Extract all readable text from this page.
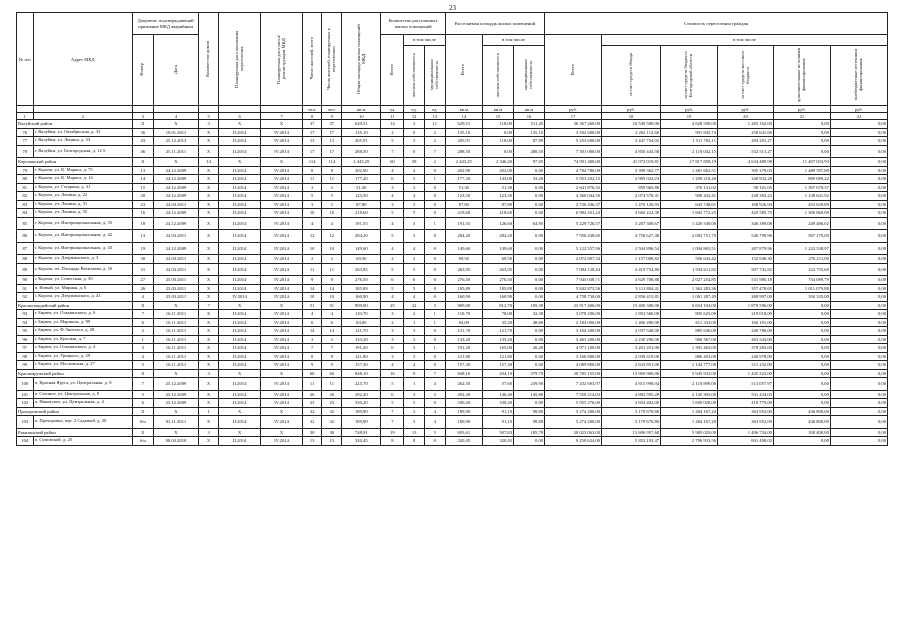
23
№ п/п	Адрес МКД	Документ, подтверждающий признание МКД аварийным		Количество домов	Планируемая дата окончания переселения	Планируемая дата сноса/реконструкции МКД	Число жителей, всего	Число жителей, планируемых к переселению	Общая площадь жилых помещений МКД	Количество расселяемых жилых помещений			Расселяемая площадь жилых помещений			Стоимость переселения граждан					
		Номер	Дата							Всего	в том числе		Всего	в том числе		Всего	в том числе				
											частная собственность	муниципальная собственность		частная собственность	муниципальная собственность		за счет средств Фонда	за счет средств бюджета Белгородской области	за счет средств местного бюджета	дополнительные источники финансирования	внебюджетные источники финансирования
							чел.	чел.	кв.м	ед.	ед.	ед.	кв.м	кв.м	кв.м	руб.	руб.	руб.	руб.	руб.	руб.
1	2	3	4	5	6	7	8	9	10	11	12	13	14	15	16	17	18	19	20	21	22
Валуйский район		X	X	3	X	X	37	37	629,51	14	3	11	629,51	118,00	511,45	36 367 260,00	10 549 580,00	4 628 590,00	1 285 162,00	0,00	0,00
76	г. Валуйки, ул. Октябрьская, д. 33	36	19.01.2011	X	II.2014	IV.2014	17	17	135,10	2	0	2	135,10	0,00	135,10	3 502 600,00	2 262 112,60	991 845,74	258 641,66	0,00	0,00
77	г. Валуйки, ул. Ленина, д. 33	43	25.12.2013	X	II.2014	IV.2014	13	13	205,91	5	3	2	205,91	118,00	87,89	5 253 600,00	3 447 754,02	1 511 702,11	294 201,27	0,00	0,00
78	г. Валуйки, ул. Белгородская, д. 12 б	46	25.11.2011	X	II.2014	IV.2014	17	17	288,50	7	0	7	288,50	0,00	288,50	7 501 000,00	4 850 443,58	2 118 042,15	532 513,27	0,00	0,00
Корочанский район		X	X	14	X	X	114	114	2 443,25	60	58	2	2 443,25	2 346,20	97,05	74 091 400,00	41 072 019,81	17 817 858,19	4 634 489,98	11 407 033,93	0,00
79	г. Короча, ул. К. Маркса, д. 75	13	24.12.2009	X	II.2014	IV.2014	8	8	202,90	4	4	0	202,90	202,90	0,00	4 784 780,00	3 399 362,77	1 481 662,51	395 379,03	1 489 597,80	0,00
80	г. Короча, ул. К. Маркса, д. 14	14	24.12.2009	X	II.2014	IV.2014	11	11	177,20	6	5	1	177,20	143,00	33,20	5 953 202,15	2 969 022,23	1 209 218,40	340 932,28	889 089,22	0,00
81	г. Короча, ул. Гагарина, д. 31	15	24.12.2009	X	II.2014	IV.2014	3	3	51,30	3	3	0	51,30	51,30	0,00	2 641 876,32	859 965,88	376 131,02	98 101,05	1 307 678,37	0,00
82	г. Короча, ул. Ленина, д. 22	20	24.12.2009	X	II.2014	IV.2014	5	5	123,50	4	4	0	123,50	123,50	0,00	4 360 044,50	2 074 578,41	908 432,41	238 383,23	1 138 641,92	0,00
83	г. Короча, ул. Ленина, д. 31	23	24.03.2011	X	II.2014	IV.2014	3	3	87,80	3	3	0	87,80	87,80	0,00	2 736 436,37	1 470 120,93	643 748,61	168 926,94	453 639,89	0,00
84	г. Короча, ул. Ленина, д. 35	16	24.12.2009	X	II.2014	IV.2014	10	10	218,60	5	5	0	218,60	218,60	0,00	6 984 451,24	3 660 222,30	1 602 772,25	420 585,75	1 300 860,00	0,00
85	г. Короча, ул. Интернациональная, д. 33	18	24.12.2009	X	II.2014	IV.2014	4	4	191,55	4	3	1	191,55	126,60	64,95	5 229 726,57	3 207 300,67	1 426 549,00	346 389,08	249 486,02	0,00
86	г. Короча, ул. Интернациональная, д. 42	13	24.03.2011	X	II.2014	IV.2014	12	12	284,20	5	5	0	284,20	284,20	0,00	7 956 438,60	4 758 627,48	2 083 751,79	546 799,96	567 270,00	0,00
87	г. Короча, ул. Интернациональная, д. 43	19	24.12.2009	X	II.2014	IV.2014	10	10	149,60	4	4	0	149,60	149,60	0,00	5 122 557,96	2 504 896,54	1 094 865,51	287 879,96	1 222 538,97	0,00
88	г. Короча, ул. Дзержинского, д. 3	30	24.03.2011	X	II.2014	IV.2014	2	2	69,50	2	2	0	69,50	69,50	0,00	2 072 807,34	1 157 008,82	506 643,42	132 948,30	276 211,00	0,00
89	г. Короча, пл. Площадь Васильева, д. 16	31	24.03.2011	X	II.2014	IV.2014	11	11	263,95	5	5	0	263,95	263,95	0,00	7 084 128,44	4 419 754,80	1 934 611,82	507 741,82	222 755,60	0,00
90	г. Короча, ул. Советская, д. 30	27	25.03.2011	X	II.2014	IV.2014	9	9	276,50	6	6	0	276,50	276,50	0,00	7 943 038,71	4 629 708,88	2 027 254,85	531 985,18	754 089,79	0,00
91	п. Новый, ул. Мирная, д. 6	26	25.03.2011	X	II.2014	IV.2014	14	14	185,89	5	5	0	185,89	185,89	0,00	5 842 873,56	3 111 804,41	1 362 283,36	357 478,65	1 011 079,88	0,00
92	г. Короча, ул. Дзержинского, д. 43	4	25.03.2011	X	IV.2014	IV.2014	10	10	160,90	4	4	0	160,90	160,90	0,00	4 758 730,00	2 856 415,81	1 061 287,49	268 997,00	350 335,00	0,00
Красногвардейский район		X	X	7	X	X	51	51	909,00	25	22	3	909,00	812,70	105,30	23 917 406,00	15 400 300,00	6 654 104,00	1 879 596,00	0,00	0,00
93	г. Бирюч, ул. Ольминского, д. 6	7	16.11.2011	X	II.2014	IV.2014	4	4	110,70	3	2	1	110,70	78,00	32,30	3 078 206,00	1 853 560,00	805 625,00	219 018,00	0,00	0,00
94	г. Бирюч, ул. Маршала, д. 99	6	16.11.2011	X	II.2014	IV.2014	6	6	84,00	2	1	1	84,00	35,20	48,80	2 184 000,00	1 406 490,00	611 333,00	166 191,00	0,00	0,00
95	г. Бирюч, ул. Ф.Энгельса, д. 28	2	16.11.2011	X	II.2014	IV.2014	14	14	121,70	3	3	0	121,70	121,70	0,00	3 164 200,00	2 037 340,00	885 636,00	240 786,00	0,00	0,00
96	г. Бирюч, ул. Красная, д. 7	1	16.11.2011	X	II.2014	IV.2014	3	3	133,20	3	3	0	133,20	133,20	0,00	3 463 200,00	2 230 290,00	969 367,00	263 543,00	0,00	0,00
97	г. Бирюч, ул. Ольминского, д. 4	3	16.11.2011	X	II.2014	IV.2014	7	7	191,20	6	5	1	191,20	165,00	26,20	4 971 100,00	3 201 451,00	1 391 465,00	378 283,00	0,00	0,00
98	г. Бирюч, ул. Урицкого, д. 29	4	16.11.2011	X	II.2014	IV.2014	8	8	121,80	3	3	0	121,80	121,80	0,00	3 166 800,00	2 039 419,00	886 403,00	240 978,00	0,00	0,00
99	г. Бирюч, ул. Московская, д. 27	5	16.11.2011	X	II.2014	IV.2014	9	9	157,30	4	4	0	157,30	157,30	0,00	4 089 800,00	2 633 851,00	1 144 777,00	311 232,00	0,00	0,00
Краснояружский район		X	X	3	X	X	60	60	848,10	16	9	7	848,10	434,10	379,70	20 785 155,00	13 969 960,00	5 945 932,00	1 445 323,00	0,00	0,00
100	п. Красная Яруга, ул. Центральная, д. 8	7	25.12.2009	X	II.2014	IV.2014	11	11	225,70	5	1	4	262,50	57,60	239,90	7 432 693,97	4 815 998,04	2 110 899,00	513 057,97	0,00	0,00
101	п. Степное, ул. Центральная, д. 8	5	25.12.2009	X	II.2014	IV.2014	26	26	292,20	6	3	3	292,20	146,40	145,80	7 559 214,03	4 882 595,28	2 145 305,00	531 434,03	0,00	0,00
102	п. Никитское, ул. Центральная, д. 4	6	25.12.2009	X	II.2014	IV.2014	23	23	330,20	5	5	0	330,20	330,20	0,00	5 955 276,00	3 854 402,00	1 690 028,00	410 779,00	0,00	0,00
Прохоровский район		X	X	1	X	X	32	32	189,90	7	3	4	189,90	91,10	98,80	5 274 200,00	3 179 670,80	1 284 167,20	363 952,00	436 800,00	0,00
103	п. Прохоровка, пер. 2 Садовый, д. 20	б/н	03.11.2011	X	II.2014	IV.2014	32	32	189,90	7	3	4	189,90	91,10	98,80	5 274 200,00	3 179 670,80	1 284 167,20	363 952,00	436 800,00	0,00
Ракитянский район		X	X	3	X	X	30	30	748,91	19	13	5	693,61	507,83	185,78	20 023 063,00	13 696 957,60	5 985 029,00	1 496 734,00	358 400,00	0,00
104	п. Сумовской, д. 25	б/н	08.04.2010	X	II.2014	IV.2014	13	13	320,45	8	8	0	320,45	320,45	0,00	9 250 624,00	5 852 192,47	2 706 933,56	691 498,02	0,00	0,00
